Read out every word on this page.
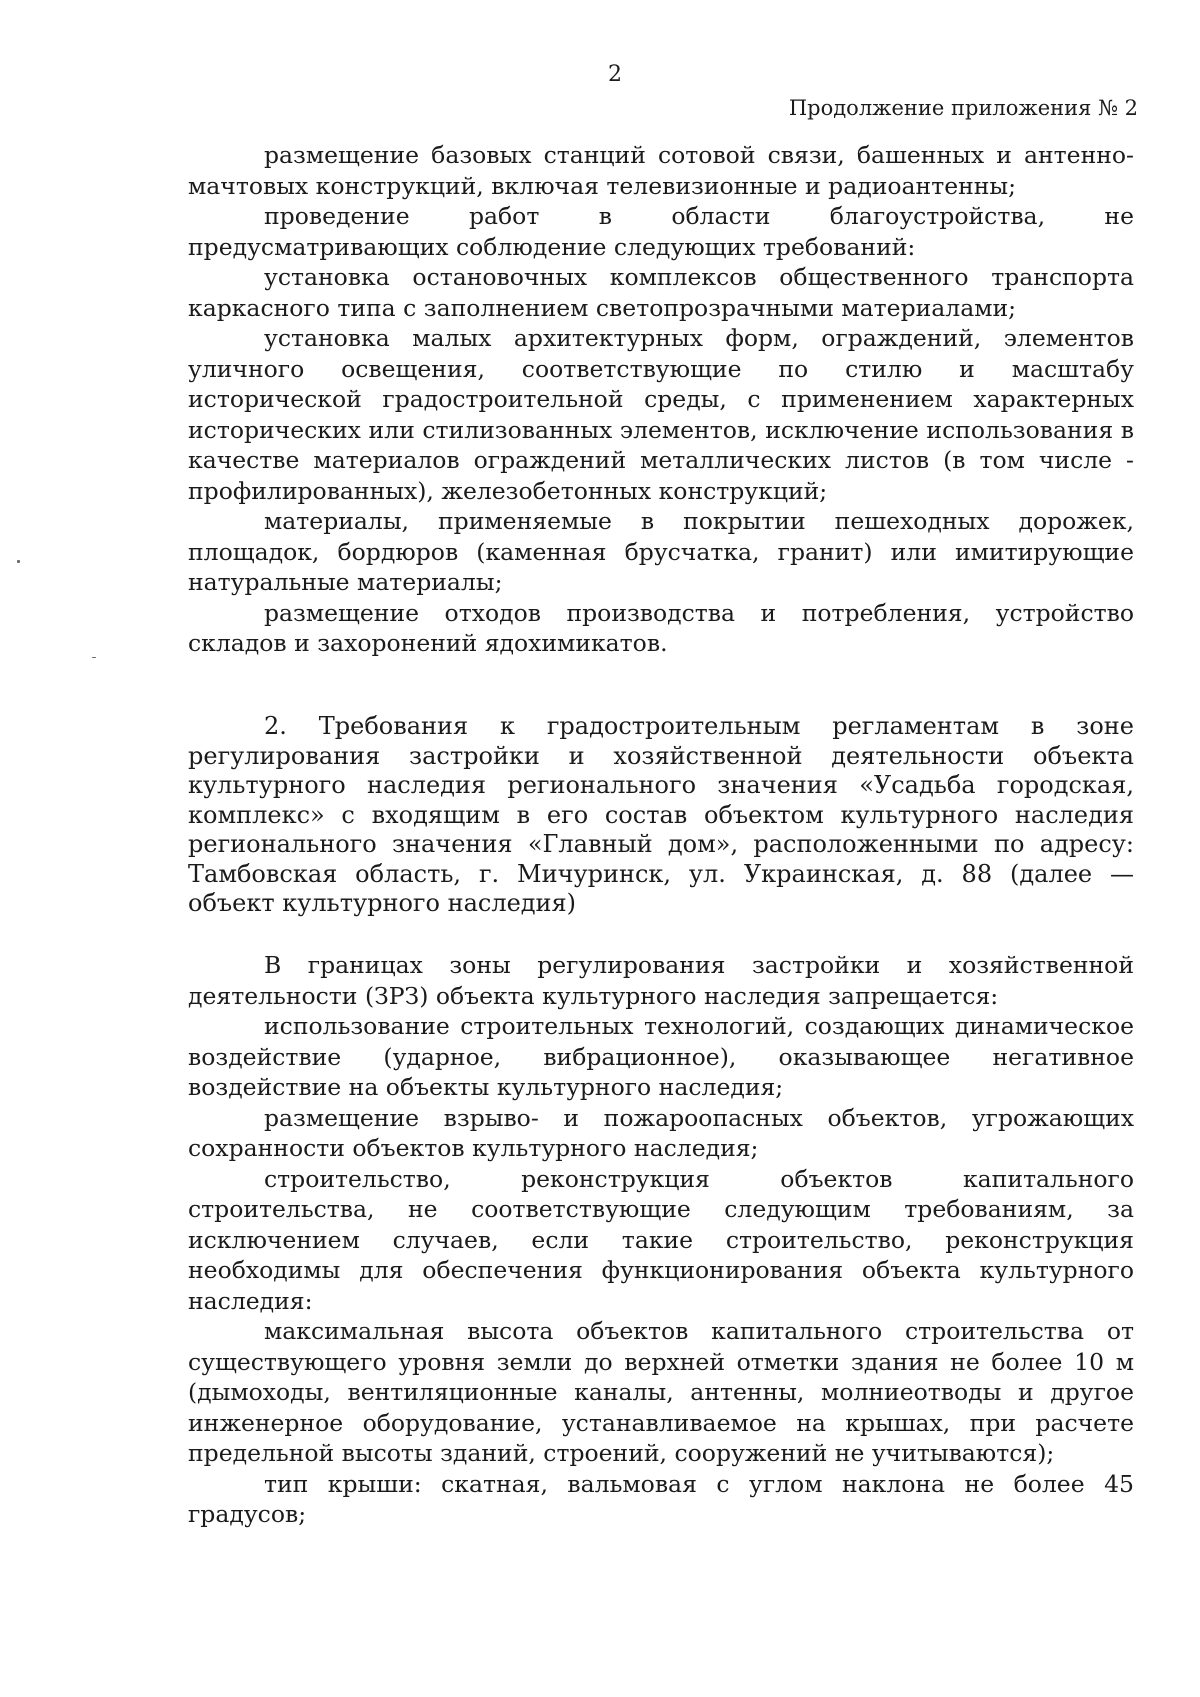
2
Продолжение приложения № 2

размещение базовых станций сотовой связи, башенных и антенно-мачтовых конструкций, включая телевизионные и радиоантенны;

проведение работ в области благоустройства, не предусматривающих соблюдение следующих требований:

установка остановочных комплексов общественного транспорта каркасного типа с заполнением светопрозрачными материалами;

установка малых архитектурных форм, ограждений, элементов уличного освещения, соответствующие по стилю и масштабу исторической градостроительной среды, с применением характерных исторических или стилизованных элементов, исключение использования в качестве материалов ограждений металлических листов (в том числе - профилированных), железобетонных конструкций;

материалы, применяемые в покрытии пешеходных дорожек, площадок, бордюров (каменная брусчатка, гранит) или имитирующие натуральные материалы;

размещение отходов производства и потребления, устройство складов и захоронений ядохимикатов.

2. Требования к градостроительным регламентам в зоне регулирования застройки и хозяйственной деятельности объекта культурного наследия регионального значения «Усадьба городская, комплекс» с входящим в его состав объектом культурного наследия регионального значения «Главный дом», расположенными по адресу: Тамбовская область, г. Мичуринск, ул. Украинская, д. 88 (далее — объект культурного наследия)

В границах зоны регулирования застройки и хозяйственной деятельности (ЗРЗ) объекта культурного наследия запрещается:

использование строительных технологий, создающих динамическое воздействие (ударное, вибрационное), оказывающее негативное воздействие на объекты культурного наследия;

размещение взрыво- и пожароопасных объектов, угрожающих сохранности объектов культурного наследия;

строительство, реконструкция объектов капитального строительства, не соответствующие следующим требованиям, за исключением случаев, если такие строительство, реконструкция необходимы для обеспечения функционирования объекта культурного наследия:

максимальная высота объектов капитального строительства от существующего уровня земли до верхней отметки здания не более 10 м (дымоходы, вентиляционные каналы, антенны, молниеотводы и другое инженерное оборудование, устанавливаемое на крышах, при расчете предельной высоты зданий, строений, сооружений не учитываются);

тип крыши: скатная, вальмовая с углом наклона не более 45 градусов;
